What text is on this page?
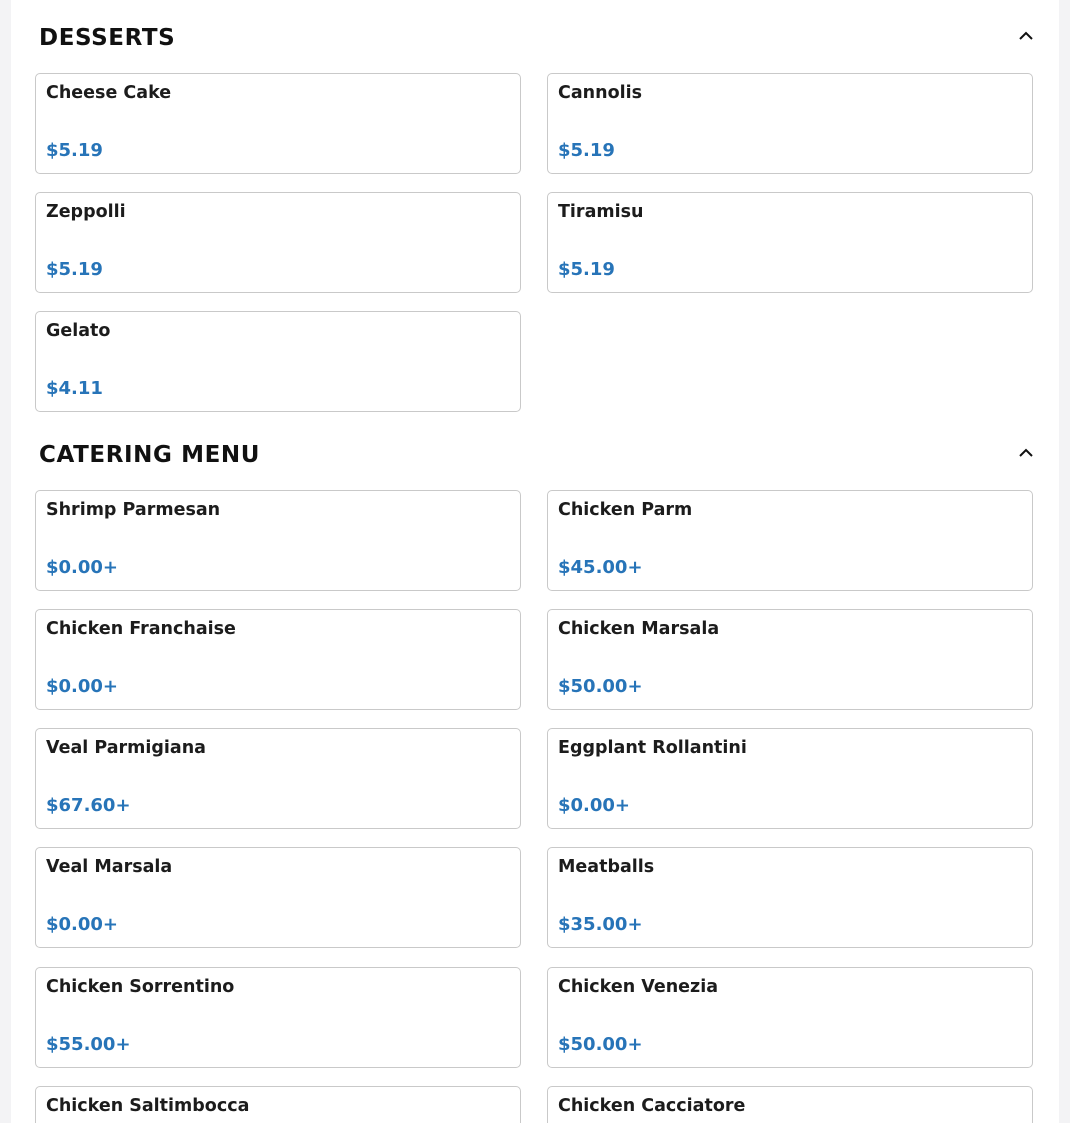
DESSERTS
Cheese Cake
$5.19
Cannolis
$5.19
Zeppolli
$5.19
Tiramisu
$5.19
Gelato
$4.11
CATERING MENU
Shrimp Parmesan
$0.00+
Chicken Parm
$45.00+
Chicken Franchaise
$0.00+
Chicken Marsala
$50.00+
Veal Parmigiana
$67.60+
Eggplant Rollantini
$0.00+
Veal Marsala
$0.00+
Meatballs
$35.00+
Chicken Sorrentino
$55.00+
Chicken Venezia
$50.00+
Chicken Saltimbocca	Chicken Cacciatore
